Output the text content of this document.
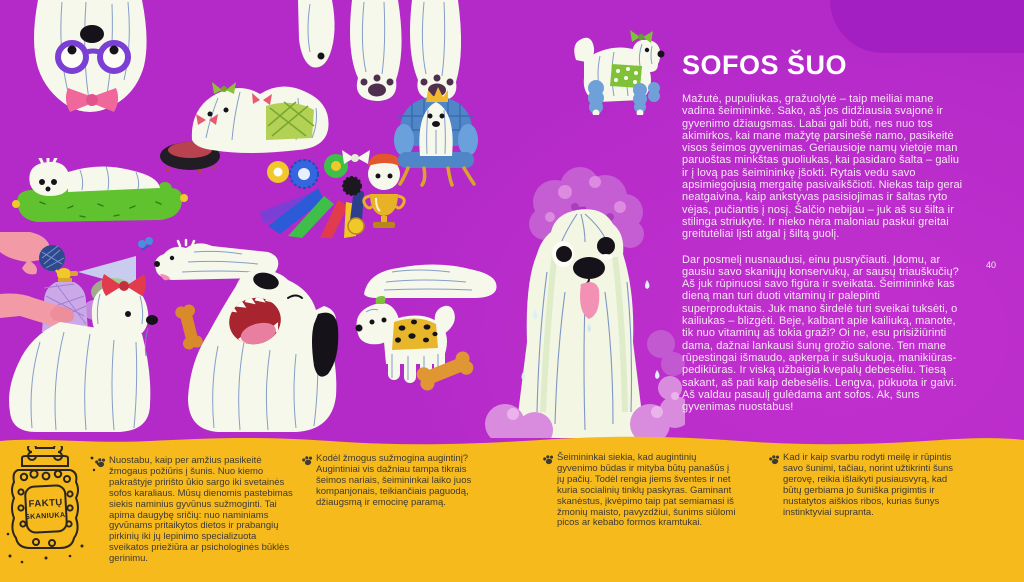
SOFOS ŠUO

Mažutė, pupuliukas, gražuolytė – taip meiliai mane vadina šeimininkė. Sako, aš jos didžiausia svajonė ir gyvenimo džiaugsmas. Labai gali būti, nes nuo tos akimirkos, kai mane mažytę parsinešė namo, pasikeitė visos šeimos gyvenimas. Geriausioje namų vietoje man paruoštas minkštas guoliukas, kai pasidaro šalta – galiu ir į lovą pas šeimininkę įšokti. Rytais vedu savo apsimiegojusią mergaitę pasivaikščioti. Niekas taip gerai neatgaivina, kaip ankstyvas pasisiojimas ir šaltas ryto vėjas, pučiantis į nosį. Šalčio nebijau – juk aš su šilta ir stilinga striukyte. Ir nieko nėra maloniau paskui greitai greitutėliai lįsti atgal į šiltą guolį.

Dar posmelį nusnaudusi, einu pusryčiauti. Įdomu, ar gausiu savo skaniųjų konservukų, ar sausų triauškučių? Aš juk rūpinuosi savo figūra ir sveikata. Šeimininkė kas dieną man turi duoti vitaminų ir palepinti superproduktais. Juk mano širdelė turi sveikai tuksėti, o kailiukas – blizgėti. Beje, kalbant apie kailiuką, manote, tik nuo vitaminų aš tokia graži? Oi ne, esu prisižiūrinti dama, dažnai lankausi šunų grožio salone. Ten mane rūpestingai išmaudo, apkerpa ir sušukuoja, manikiūras-pedikiūras. Ir viską užbaigia kvepalų debesėliu. Tiesą sakant, aš pati kaip debesėlis. Lengva, pūkuota ir gaivi. Aš valdau pasaulį gulėdama ant sofos. Ak, šuns gyvenimas nuostabus!

40
FAKTŲ
SKANIUKAI

Nuostabu, kaip per amžius pasikeitė žmogaus požiūris į šunis. Nuo kiemo pakraštyje pririšto ūkio sargo iki svetainės sofos karaliaus. Mūsų dienomis pastebimas siekis naminius gyvūnus sužmoginti. Tai apima daugybę sričių: nuo naminiams gyvūnams pritaikytos dietos ir prabangių pirkinių iki jų lepinimo specializuota sveikatos priežiūra ar psichologinės būklės gerinimu.

Kodėl žmogus sužmogina augintinį? Augintiniai vis dažniau tampa tikrais šeimos nariais, šeimininkai laiko juos kompanjonais, teikiančiais paguodą, džiaugsmą ir emocinę paramą.

Šeimininkai siekia, kad augintinių gyvenimo būdas ir mityba būtų panašūs į jų pačių. Todėl rengia jiems šventes ir net kuria socialinių tinklų paskyras. Gaminant skanėstus, įkvėpimo taip pat semiamasi iš žmonių maisto, pavyzdžiui, šunims siūlomi picos ar kebabo formos kramtukai.

Kad ir kaip svarbu rodyti meilę ir rūpintis savo šunimi, tačiau, norint užtikrinti šuns gerovę, reikia išlaikyti pusiausvyrą, kad būtų gerbiama jo šuniška prigimtis ir nustatytos aiškios ribos, kurias šunys instinktyviai supranta.
